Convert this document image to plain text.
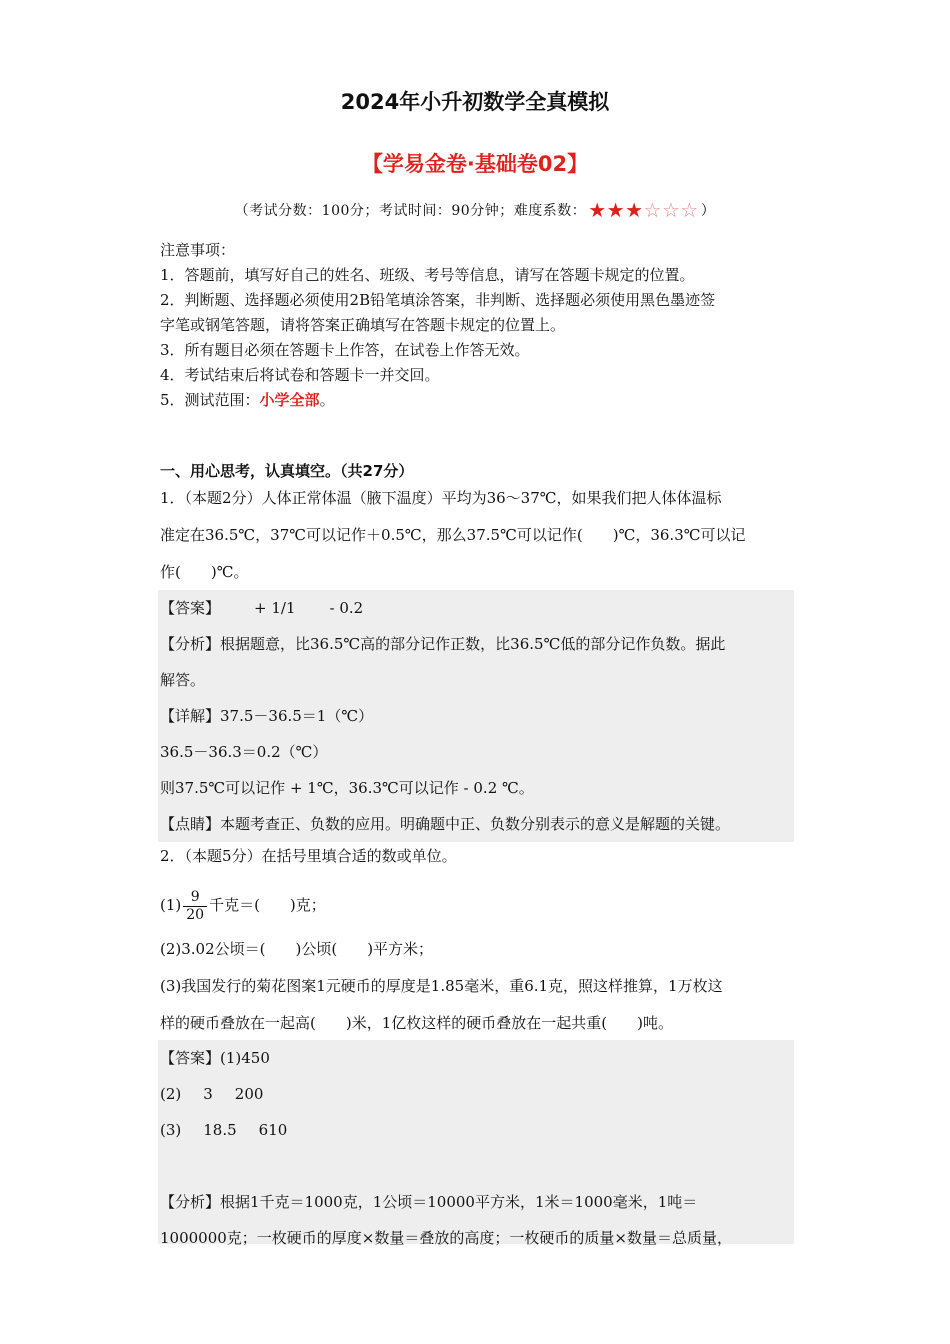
2024年小升初数学全真模拟
【学易金卷·基础卷02】
（考试分数：100分；考试时间：90分钟；难度系数： ★★★☆☆☆ ）

注意事项：

1．答题前，填写好自己的姓名、班级、考号等信息，请写在答题卡规定的位置。

2．判断题、选择题必须使用2B铅笔填涂答案，非判断、选择题必须使用黑色墨迹签

字笔或钢笔答题，请将答案正确填写在答题卡规定的位置上。

3．所有题目必须在答题卡上作答，在试卷上作答无效。

4．考试结束后将试卷和答题卡一并交回。

5．测试范围：小学全部。

一、用心思考，认真填空。（共27分）

1．（本题2分）人体正常体温（腋下温度）平均为36～37℃，如果我们把人体体温标

准定在36.5℃，37℃可以记作＋0.5℃，那么37.5℃可以记作(　　)℃，36.3℃可以记

作(　　)℃。

【答案】 + 1/1 - 0.2

【分析】根据题意，比36.5℃高的部分记作正数，比36.5℃低的部分记作负数。据此

解答。

【详解】37.5－36.5＝1（℃）

36.5－36.3＝0.2（℃）

则37.5℃可以记作 + 1℃，36.3℃可以记作 - 0.2 ℃。

【点睛】本题考查正、负数的应用。明确题中正、负数分别表示的意义是解题的关键。

2．（本题5分）在括号里填合适的数或单位。

$(1) \frac{9}{20}$ 千克＝(　　)克；

(2)3.02公顷＝(　　)公顷(　　)平方米；

(3)我国发行的菊花图案1元硬币的厚度是1.85毫米，重6.1克，照这样推算，1万枚这

样的硬币叠放在一起高(　　)米，1亿枚这样的硬币叠放在一起共重(　　)吨。

【答案】(1)450

(2) 3 200

(3) 18.5 610

【分析】根据1千克＝1000克，1公顷＝10000平方米，1米＝1000毫米，1吨＝

1000000克；一枚硬币的厚度×数量＝叠放的高度；一枚硬币的质量×数量＝总质量，
